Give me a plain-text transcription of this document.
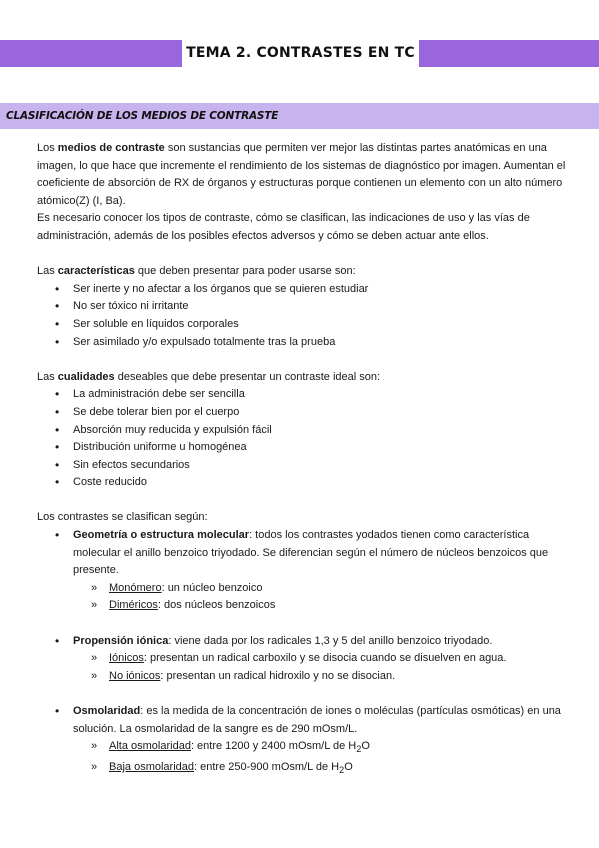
TEMA 2. CONTRASTES EN TC
CLASIFICACIÓN DE LOS MEDIOS DE CONTRASTE

Los medios de contraste son sustancias que permiten ver mejor las distintas partes anatómicas en una imagen, lo que hace que incremente el rendimiento de los sistemas de diagnóstico por imagen. Aumentan el coeficiente de absorción de RX de órganos y estructuras porque contienen un elemento con un alto número atómico(Z) (I, Ba).

Es necesario conocer los tipos de contraste, cómo se clasifican, las indicaciones de uso y las vías de administración, además de los posibles efectos adversos y cómo se deben actuar ante ellos.

Las características que deben presentar para poder usarse son:

• Ser inerte y no afectar a los órganos que se quieren estudiar
• No ser tóxico ni irritante
• Ser soluble en líquidos corporales
• Ser asimilado y/o expulsado totalmente tras la prueba

Las cualidades deseables que debe presentar un contraste ideal son:

• La administración debe ser sencilla
• Se debe tolerar bien por el cuerpo
• Absorción muy reducida y expulsión fácil
• Distribución uniforme u homogénea
• Sin efectos secundarios
• Coste reducido

Los contrastes se clasifican según:

• Geometría o estructura molecular: todos los contrastes yodados tienen como característica molecular el anillo benzoico triyodado. Se diferencian según el número de núcleos benzoicos que presente.
» Monómero: un núcleo benzoico
» Diméricos: dos núcleos benzoicos
• Propensión iónica: viene dada por los radicales 1,3 y 5 del anillo benzoico triyodado.
» Iónicos: presentan un radical carboxilo y se disocia cuando se disuelven en agua.
» No iónicos: presentan un radical hidroxilo y no se disocian.
• Osmolaridad: es la medida de la concentración de iones o moléculas (partículas osmóticas) en una solución. La osmolaridad de la sangre es de 290 mOsm/L.
» Alta osmolaridad: entre 1200 y 2400 mOsm/L de $H_2O$
» Baja osmolaridad: entre 250-900 mOsm/L de $H_2O$
